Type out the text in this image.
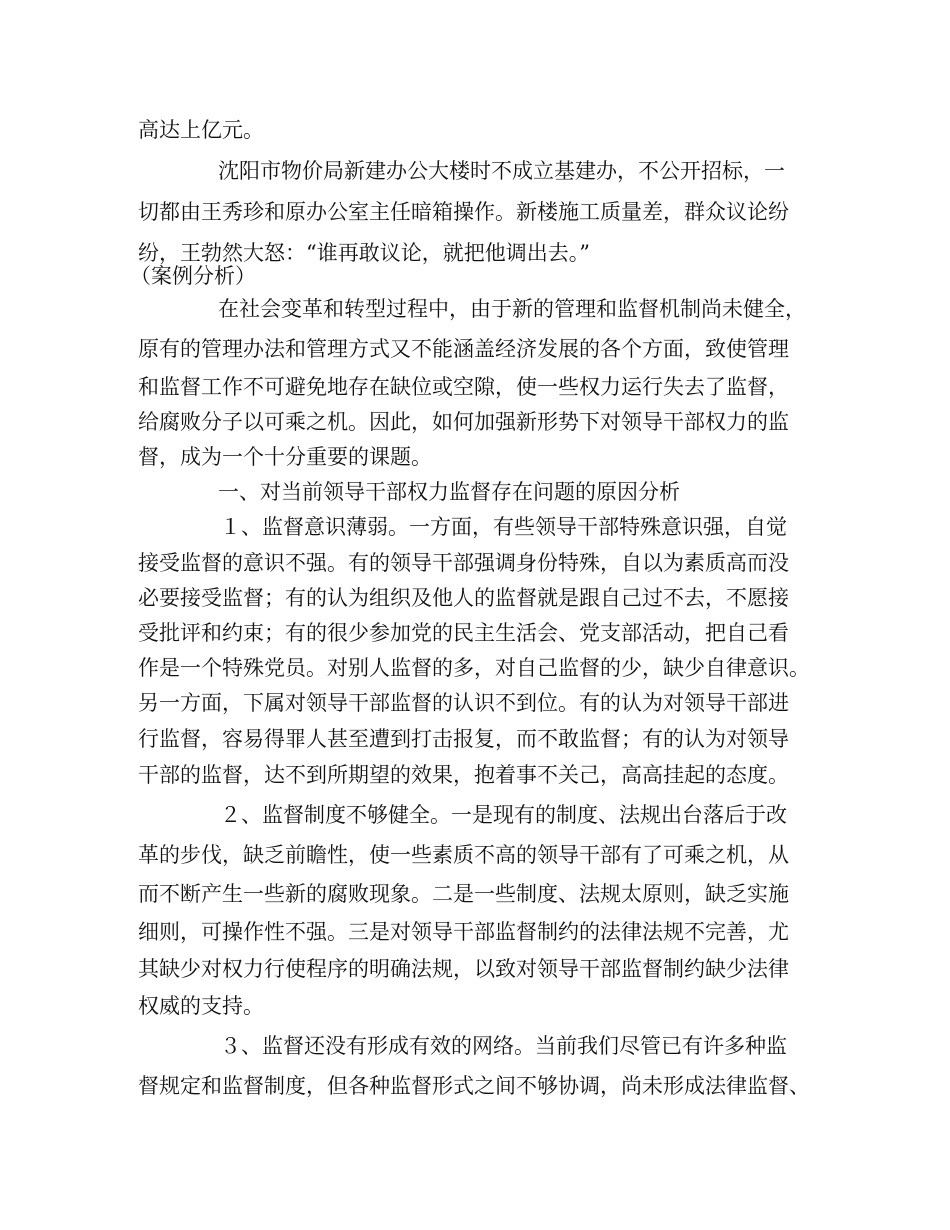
高达上亿元。
沈阳市物价局新建办公大楼时不成立基建办，不公开招标，一
切都由王秀珍和原办公室主任暗箱操作。新楼施工质量差，群众议论纷
纷，王勃然大怒：“谁再敢议论，就把他调出去。”
（案例分析）
在社会变革和转型过程中，由于新的管理和监督机制尚未健全，
原有的管理办法和管理方式又不能涵盖经济发展的各个方面，致使管理
和监督工作不可避免地存在缺位或空隙，使一些权力运行失去了监督，
给腐败分子以可乘之机。因此，如何加强新形势下对领导干部权力的监
督，成为一个十分重要的课题。
一、对当前领导干部权力监督存在问题的原因分析
１、监督意识薄弱。一方面，有些领导干部特殊意识强，自觉
接受监督的意识不强。有的领导干部强调身份特殊，自以为素质高而没
必要接受监督；有的认为组织及他人的监督就是跟自己过不去，不愿接
受批评和约束；有的很少参加党的民主生活会、党支部活动，把自己看
作是一个特殊党员。对别人监督的多，对自己监督的少，缺少自律意识。
另一方面，下属对领导干部监督的认识不到位。有的认为对领导干部进
行监督，容易得罪人甚至遭到打击报复，而不敢监督；有的认为对领导
干部的监督，达不到所期望的效果，抱着事不关己，高高挂起的态度。
２、监督制度不够健全。一是现有的制度、法规出台落后于改
革的步伐，缺乏前瞻性，使一些素质不高的领导干部有了可乘之机，从
而不断产生一些新的腐败现象。二是一些制度、法规太原则，缺乏实施
细则，可操作性不强。三是对领导干部监督制约的法律法规不完善，尤
其缺少对权力行使程序的明确法规，以致对领导干部监督制约缺少法律
权威的支持。
３、监督还没有形成有效的网络。当前我们尽管已有许多种监
督规定和监督制度，但各种监督形式之间不够协调，尚未形成法律监督、
